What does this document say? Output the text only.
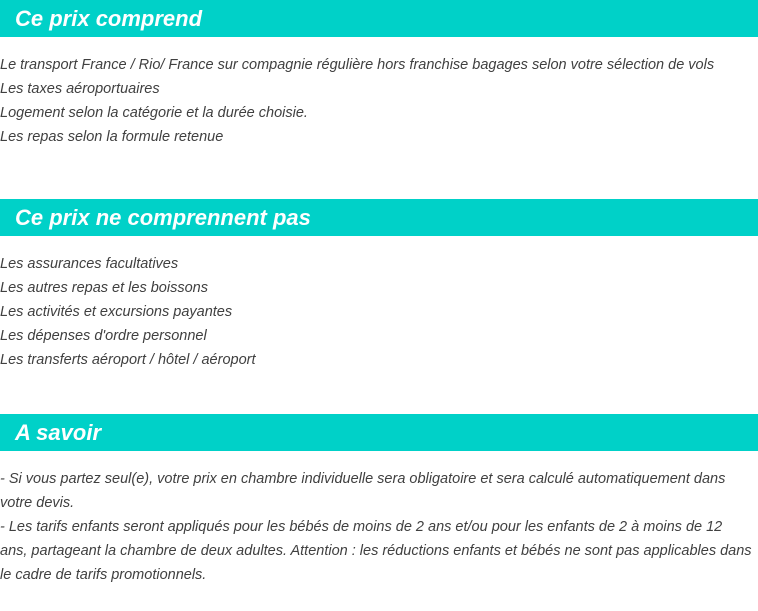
Ce prix comprend
Le transport France / Rio/ France sur compagnie régulière hors franchise bagages selon votre sélection de vols
Les taxes aéroportuaires
Logement selon la catégorie et la durée choisie.
Les repas selon la formule retenue
Ce prix ne comprennent pas
Les assurances facultatives
Les autres repas et les boissons
Les activités et excursions payantes
Les dépenses d'ordre personnel
Les transferts aéroport / hôtel / aéroport
A savoir
- Si vous partez seul(e), votre prix en chambre individuelle sera obligatoire et sera calculé automatiquement dans votre devis.
- Les tarifs enfants seront appliqués pour les bébés de moins de 2 ans et/ou pour les enfants de 2 à moins de 12 ans, partageant la chambre de deux adultes. Attention : les réductions enfants et bébés ne sont pas applicables dans le cadre de tarifs promotionnels.
